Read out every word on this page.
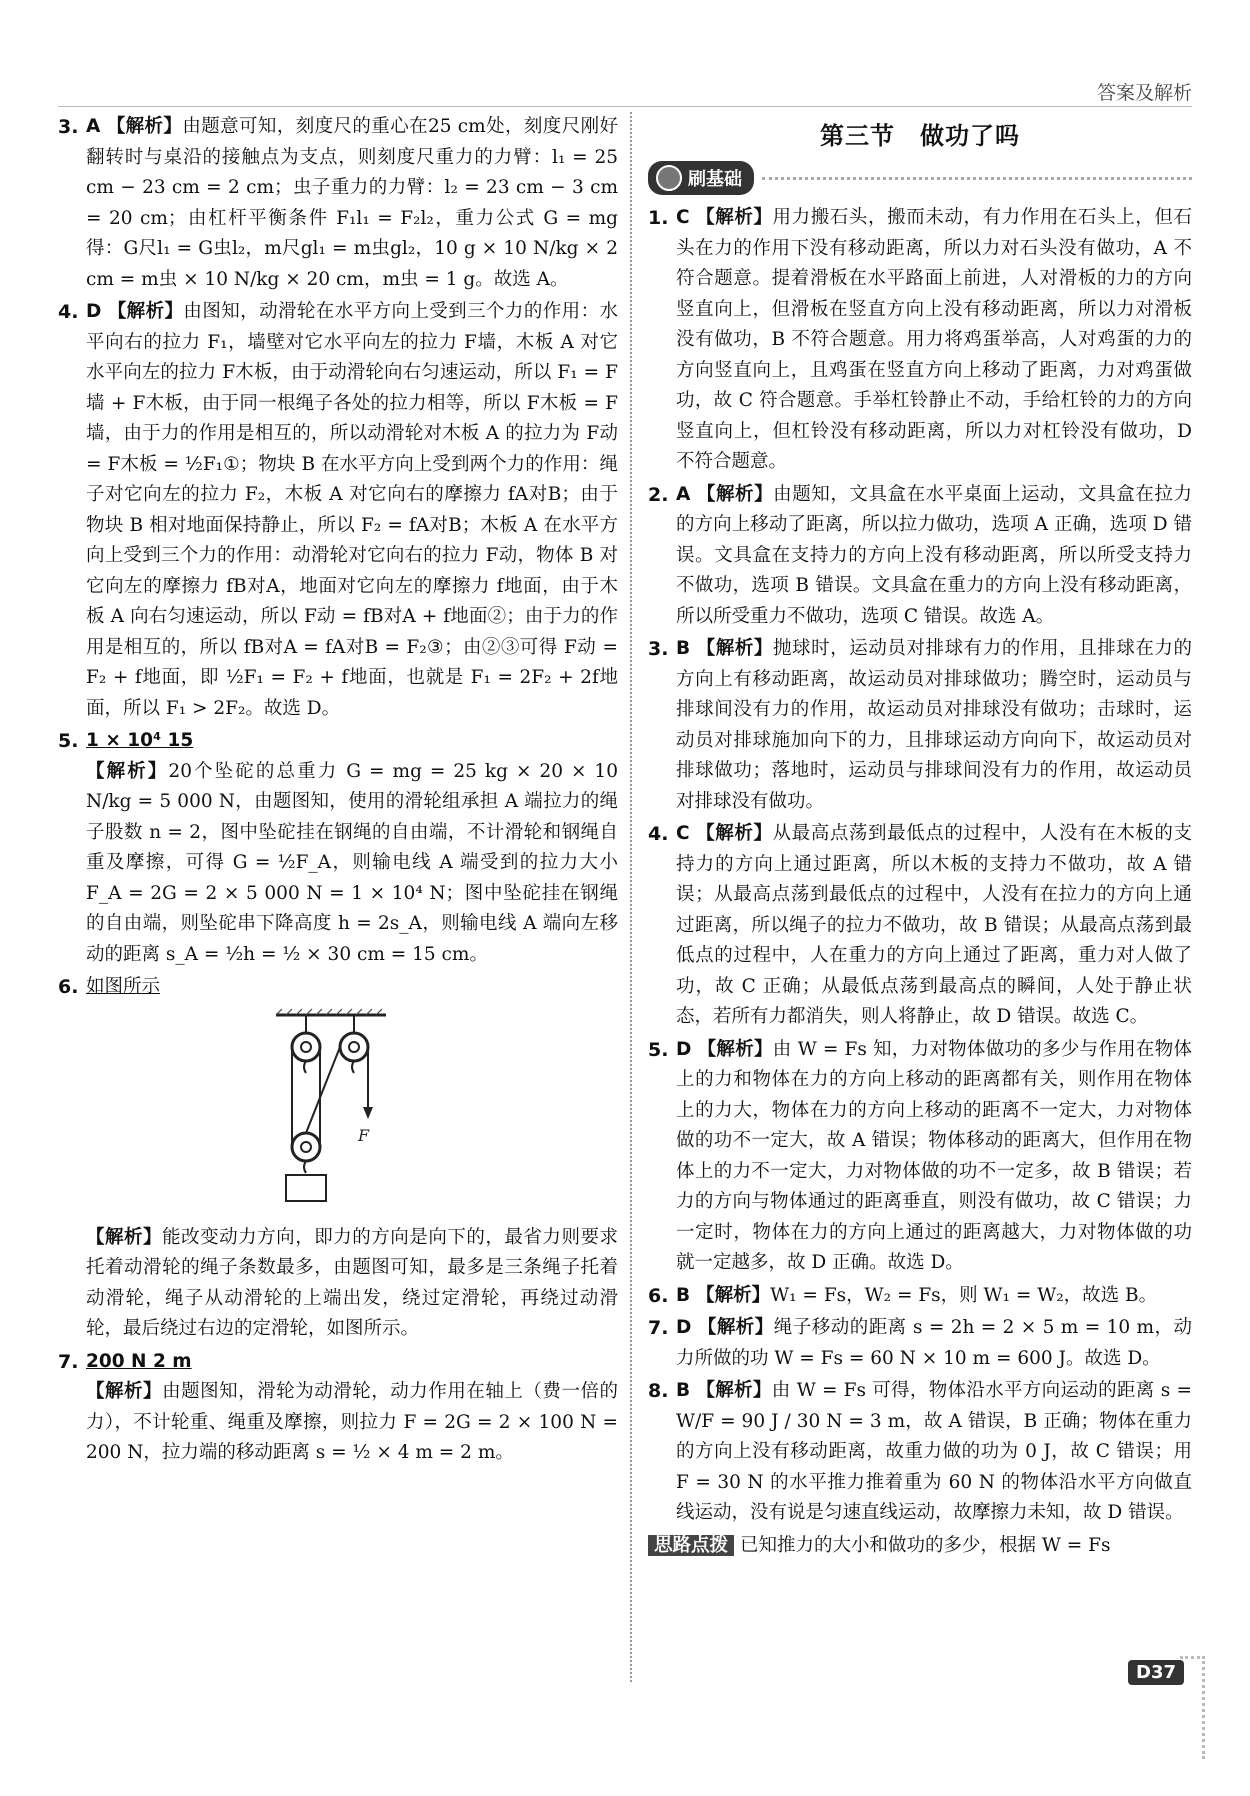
答案及解析
3. A 【解析】由题意可知，刻度尺的重心在25 cm处，刻度尺刚好翻转时与桌沿的接触点为支点，则刻度尺重力的力臂：l₁ = 25 cm − 23 cm = 2 cm；虫子重力的力臂：l₂ = 23 cm − 3 cm = 20 cm；由杠杆平衡条件 F₁l₁ = F₂l₂，重力公式 G = mg 得：G尺l₁ = G虫l₂，m尺gl₁ = m虫gl₂，10 g × 10 N/kg × 2 cm = m虫 × 10 N/kg × 20 cm，m虫 = 1 g。故选 A。
4. D 【解析】由图知，动滑轮在水平方向上受到三个力的作用：水平向右的拉力 F₁，墙壁对它水平向左的拉力 F墙，木板 A 对它水平向左的拉力 F木板，由于动滑轮向右匀速运动，所以 F₁ = F墙 + F木板，由于同一根绳子各处的拉力相等，所以 F木板 = F墙，由于力的作用是相互的，所以动滑轮对木板 A 的拉力为 F动 = F木板 = ½F₁①；物块 B 在水平方向上受到两个力的作用：绳子对它向左的拉力 F₂，木板 A 对它向右的摩擦力 fA对B；由于物块 B 相对地面保持静止，所以 F₂ = fA对B；木板 A 在水平方向上受到三个力的作用：动滑轮对它向右的拉力 F动，物体 B 对它向左的摩擦力 fB对A，地面对它向左的摩擦力 f地面，由于木板 A 向右匀速运动，所以 F动 = fB对A + f地面②；由于力的作用是相互的，所以 fB对A = fA对B = F₂③；由②③可得 F动 = F₂ + f地面，即 ½F₁ = F₂ + f地面，也就是 F₁ = 2F₂ + 2f地面，所以 F₁ > 2F₂。故选 D。
5. 1 × 10⁴ 15
【解析】20个坠砣的总重力 G = mg = 25 kg × 20 × 10 N/kg = 5 000 N，由题图知，使用的滑轮组承担 A 端拉力的绳子股数 n = 2，图中坠砣挂在钢绳的自由端，不计滑轮和钢绳自重及摩擦，可得 G = ½F_A，则输电线 A 端受到的拉力大小 F_A = 2G = 2 × 5 000 N = 1 × 10⁴ N；图中坠砣挂在钢绳的自由端，则坠砣串下降高度 h = 2s_A，则输电线 A 端向左移动的距离 s_A = ½h = ½ × 30 cm = 15 cm。
6. 如图所示
F
【解析】能改变动力方向，即力的方向是向下的，最省力则要求托着动滑轮的绳子条数最多，由题图可知，最多是三条绳子托着动滑轮，绳子从动滑轮的上端出发，绕过定滑轮，再绕过动滑轮，最后绕过右边的定滑轮，如图所示。
7. 200 N 2 m
【解析】由题图知，滑轮为动滑轮，动力作用在轴上（费一倍的力），不计轮重、绳重及摩擦，则拉力 F = 2G = 2 × 100 N = 200 N，拉力端的移动距离 s = ½ × 4 m = 2 m。
第三节　做功了吗
刷基础
1. C 【解析】用力搬石头，搬而未动，有力作用在石头上，但石头在力的作用下没有移动距离，所以力对石头没有做功，A 不符合题意。提着滑板在水平路面上前进，人对滑板的力的方向竖直向上，但滑板在竖直方向上没有移动距离，所以力对滑板没有做功，B 不符合题意。用力将鸡蛋举高，人对鸡蛋的力的方向竖直向上，且鸡蛋在竖直方向上移动了距离，力对鸡蛋做功，故 C 符合题意。手举杠铃静止不动，手给杠铃的力的方向竖直向上，但杠铃没有移动距离，所以力对杠铃没有做功，D 不符合题意。
2. A 【解析】由题知，文具盒在水平桌面上运动，文具盒在拉力的方向上移动了距离，所以拉力做功，选项 A 正确，选项 D 错误。文具盒在支持力的方向上没有移动距离，所以所受支持力不做功，选项 B 错误。文具盒在重力的方向上没有移动距离，所以所受重力不做功，选项 C 错误。故选 A。
3. B 【解析】抛球时，运动员对排球有力的作用，且排球在力的方向上有移动距离，故运动员对排球做功；腾空时，运动员与排球间没有力的作用，故运动员对排球没有做功；击球时，运动员对排球施加向下的力，且排球运动方向向下，故运动员对排球做功；落地时，运动员与排球间没有力的作用，故运动员对排球没有做功。
4. C 【解析】从最高点荡到最低点的过程中，人没有在木板的支持力的方向上通过距离，所以木板的支持力不做功，故 A 错误；从最高点荡到最低点的过程中，人没有在拉力的方向上通过距离，所以绳子的拉力不做功，故 B 错误；从最高点荡到最低点的过程中，人在重力的方向上通过了距离，重力对人做了功，故 C 正确；从最低点荡到最高点的瞬间，人处于静止状态，若所有力都消失，则人将静止，故 D 错误。故选 C。
5. D 【解析】由 W = Fs 知，力对物体做功的多少与作用在物体上的力和物体在力的方向上移动的距离都有关，则作用在物体上的力大，物体在力的方向上移动的距离不一定大，力对物体做的功不一定大，故 A 错误；物体移动的距离大，但作用在物体上的力不一定大，力对物体做的功不一定多，故 B 错误；若力的方向与物体通过的距离垂直，则没有做功，故 C 错误；力一定时，物体在力的方向上通过的距离越大，力对物体做的功就一定越多，故 D 正确。故选 D。
6. B 【解析】W₁ = Fs，W₂ = Fs，则 W₁ = W₂，故选 B。
7. D 【解析】绳子移动的距离 s = 2h = 2 × 5 m = 10 m，动力所做的功 W = Fs = 60 N × 10 m = 600 J。故选 D。
8. B 【解析】由 W = Fs 可得，物体沿水平方向运动的距离 s = W/F = 90 J / 30 N = 3 m，故 A 错误，B 正确；物体在重力的方向上没有移动距离，故重力做的功为 0 J，故 C 错误；用 F = 30 N 的水平推力推着重为 60 N 的物体沿水平方向做直线运动，没有说是匀速直线运动，故摩擦力未知，故 D 错误。
思路点拨 已知推力的大小和做功的多少，根据 W = Fs
D37
